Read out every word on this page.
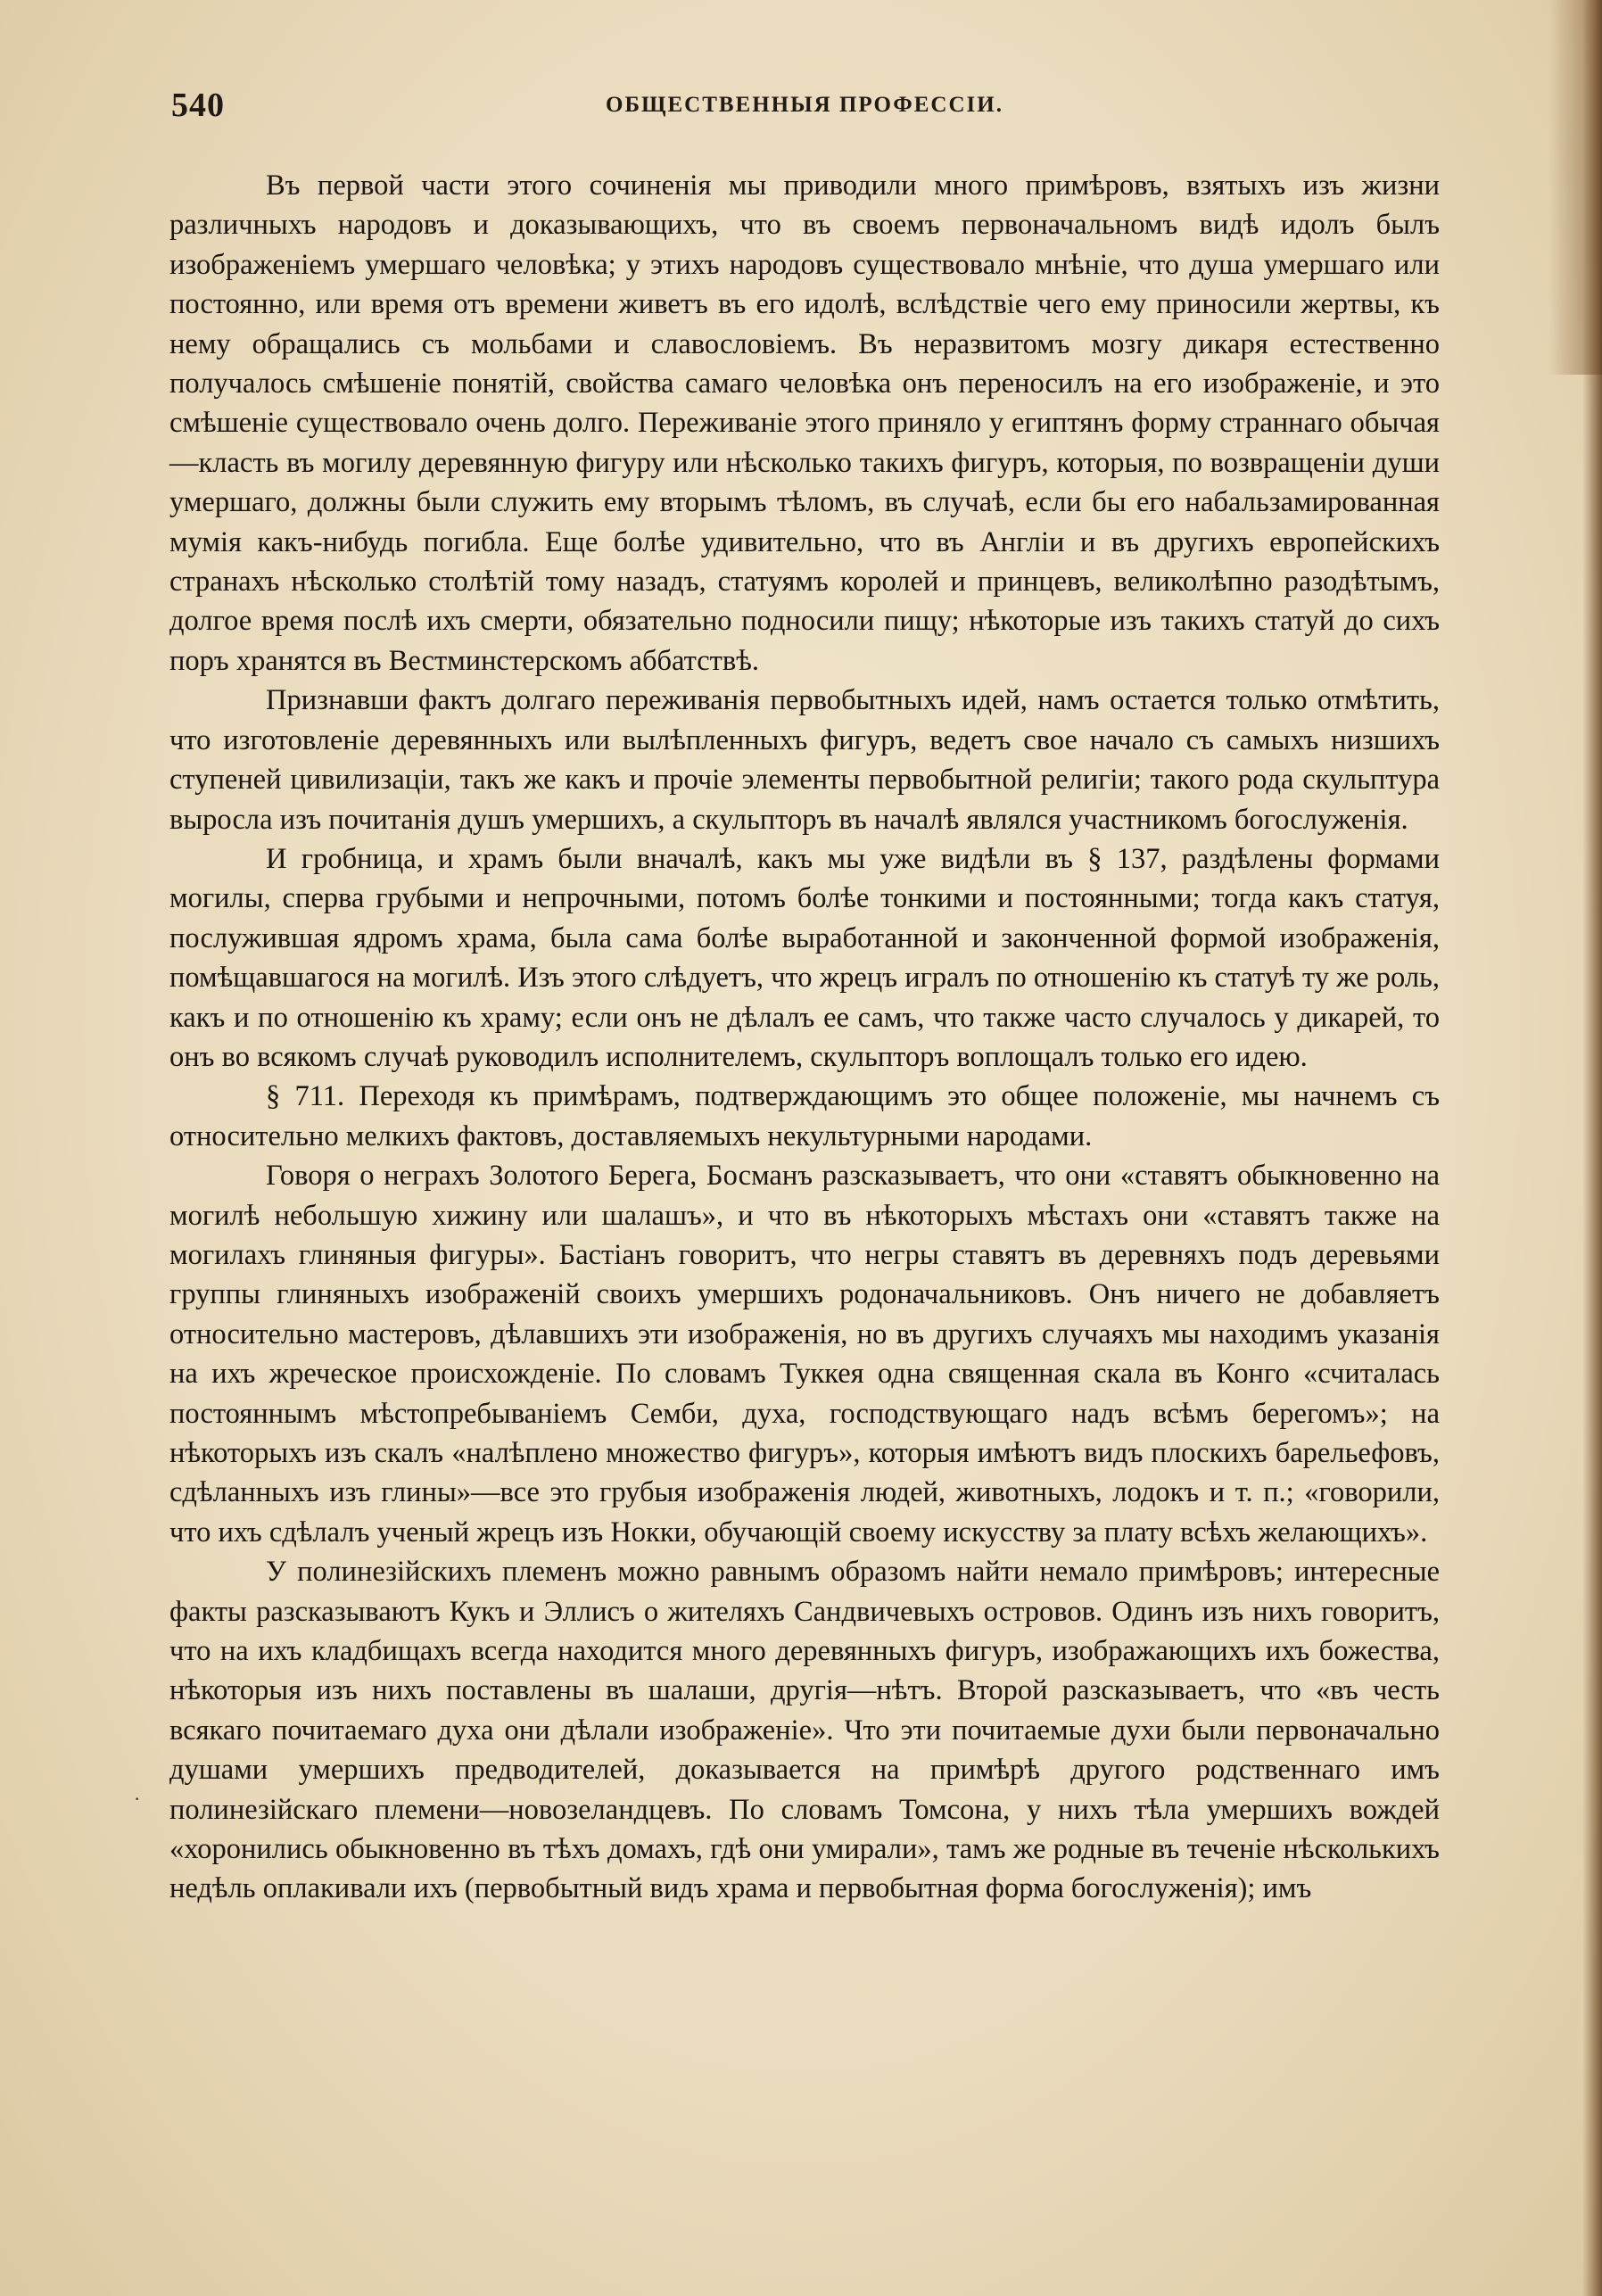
540	ОБЩЕСТВЕННЫЯ ПРОФЕССІИ.

Въ первой части этого сочиненія мы приводили много примѣровъ, взятыхъ изъ жизни различныхъ народовъ и доказывающихъ, что въ своемъ первоначальномъ видѣ идолъ былъ изображеніемъ умершаго человѣка; у этихъ народовъ существовало мнѣніе, что душа умершаго или постоянно, или время отъ времени живетъ въ его идолѣ, вслѣдствіе чего ему приносили жертвы, къ нему обращались съ мольбами и славословіемъ. Въ неразвитомъ мозгу дикаря естественно получалось смѣшеніе понятій, свойства самаго человѣка онъ переносилъ на его изображеніе, и это смѣшеніе существовало очень долго. Переживаніе этого приняло у египтянъ форму страннаго обычая—класть въ могилу деревянную фигуру или нѣсколько такихъ фигуръ, которыя, по возвращеніи души умершаго, должны были служить ему вторымъ тѣломъ, въ случаѣ, если бы его набальзамированная мумія какъ-нибудь погибла. Еще болѣе удивительно, что въ Англіи и въ другихъ европейскихъ странахъ нѣсколько столѣтій тому назадъ, статуямъ королей и принцевъ, великолѣпно разодѣтымъ, долгое время послѣ ихъ смерти, обязательно подносили пищу; нѣкоторые изъ такихъ статуй до сихъ поръ хранятся въ Вестминстерскомъ аббатствѣ.

Признавши фактъ долгаго переживанія первобытныхъ идей, намъ остается только отмѣтить, что изготовленіе деревянныхъ или вылѣпленныхъ фигуръ, ведетъ свое начало съ самыхъ низшихъ ступеней цивилизаціи, такъ же какъ и прочіе элементы первобытной религіи; такого рода скульптура выросла изъ почитанія душъ умершихъ, а скульпторъ въ началѣ являлся участникомъ богослуженія.

И гробница, и храмъ были вначалѣ, какъ мы уже видѣли въ § 137, раздѣлены формами могилы, сперва грубыми и непрочными, потомъ болѣе тонкими и постоянными; тогда какъ статуя, послужившая ядромъ храма, была сама болѣе выработанной и законченной формой изображенія, помѣщавшагося на могилѣ. Изъ этого слѣдуетъ, что жрецъ игралъ по отношенію къ статуѣ ту же роль, какъ и по отношенію къ храму; если онъ не дѣлалъ ее самъ, что также часто случалось у дикарей, то онъ во всякомъ случаѣ руководилъ исполнителемъ, скульпторъ воплощалъ только его идею.

§ 711. Переходя къ примѣрамъ, подтверждающимъ это общее положеніе, мы начнемъ съ относительно мелкихъ фактовъ, доставляемыхъ некультурными народами.

Говоря о неграхъ Золотого Берега, Босманъ разсказываетъ, что они «ставятъ обыкновенно на могилѣ небольшую хижину или шалашъ», и что въ нѣкоторыхъ мѣстахъ они «ставятъ также на могилахъ глиняныя фигуры». Бастіанъ говоритъ, что негры ставятъ въ деревняхъ подъ деревьями группы глиняныхъ изображеній своихъ умершихъ родоначальниковъ. Онъ ничего не добавляетъ относительно мастеровъ, дѣлавшихъ эти изображенія, но въ другихъ случаяхъ мы находимъ указанія на ихъ жреческое происхожденіе. По словамъ Туккея одна священная скала въ Конго «считалась постояннымъ мѣстопребываніемъ Семби, духа, господствующаго надъ всѣмъ берегомъ»; на нѣкоторыхъ изъ скалъ «налѣплено множество фигуръ», которыя имѣютъ видъ плоскихъ барельефовъ, сдѣланныхъ изъ глины»—все это грубыя изображенія людей, животныхъ, лодокъ и т. п.; «говорили, что ихъ сдѣлалъ ученый жрецъ изъ Нокки, обучающій своему искусству за плату всѣхъ желающихъ».

У полинезійскихъ племенъ можно равнымъ образомъ найти немало примѣровъ; интересные факты разсказываютъ Кукъ и Эллисъ о жителяхъ Сандвичевыхъ островов. Одинъ изъ нихъ говоритъ, что на ихъ кладбищахъ всегда находится много деревянныхъ фигуръ, изображающихъ ихъ божества, нѣкоторыя изъ нихъ поставлены въ шалаши, другія—нѣтъ. Второй разсказываетъ, что «въ честь всякаго почитаемаго духа они дѣлали изображеніе». Что эти почитаемые духи были первоначально душами умершихъ предводителей, доказывается на примѣрѣ другого родственнаго имъ полинезійскаго племени—новозеландцевъ. По словамъ Томсона, у нихъ тѣла умершихъ вождей «хоронились обыкновенно въ тѣхъ домахъ, гдѣ они умирали», тамъ же родные въ теченіе нѣсколькихъ недѣль оплакивали ихъ (первобытный видъ храма и первобытная форма богослуженія); имъ

·
